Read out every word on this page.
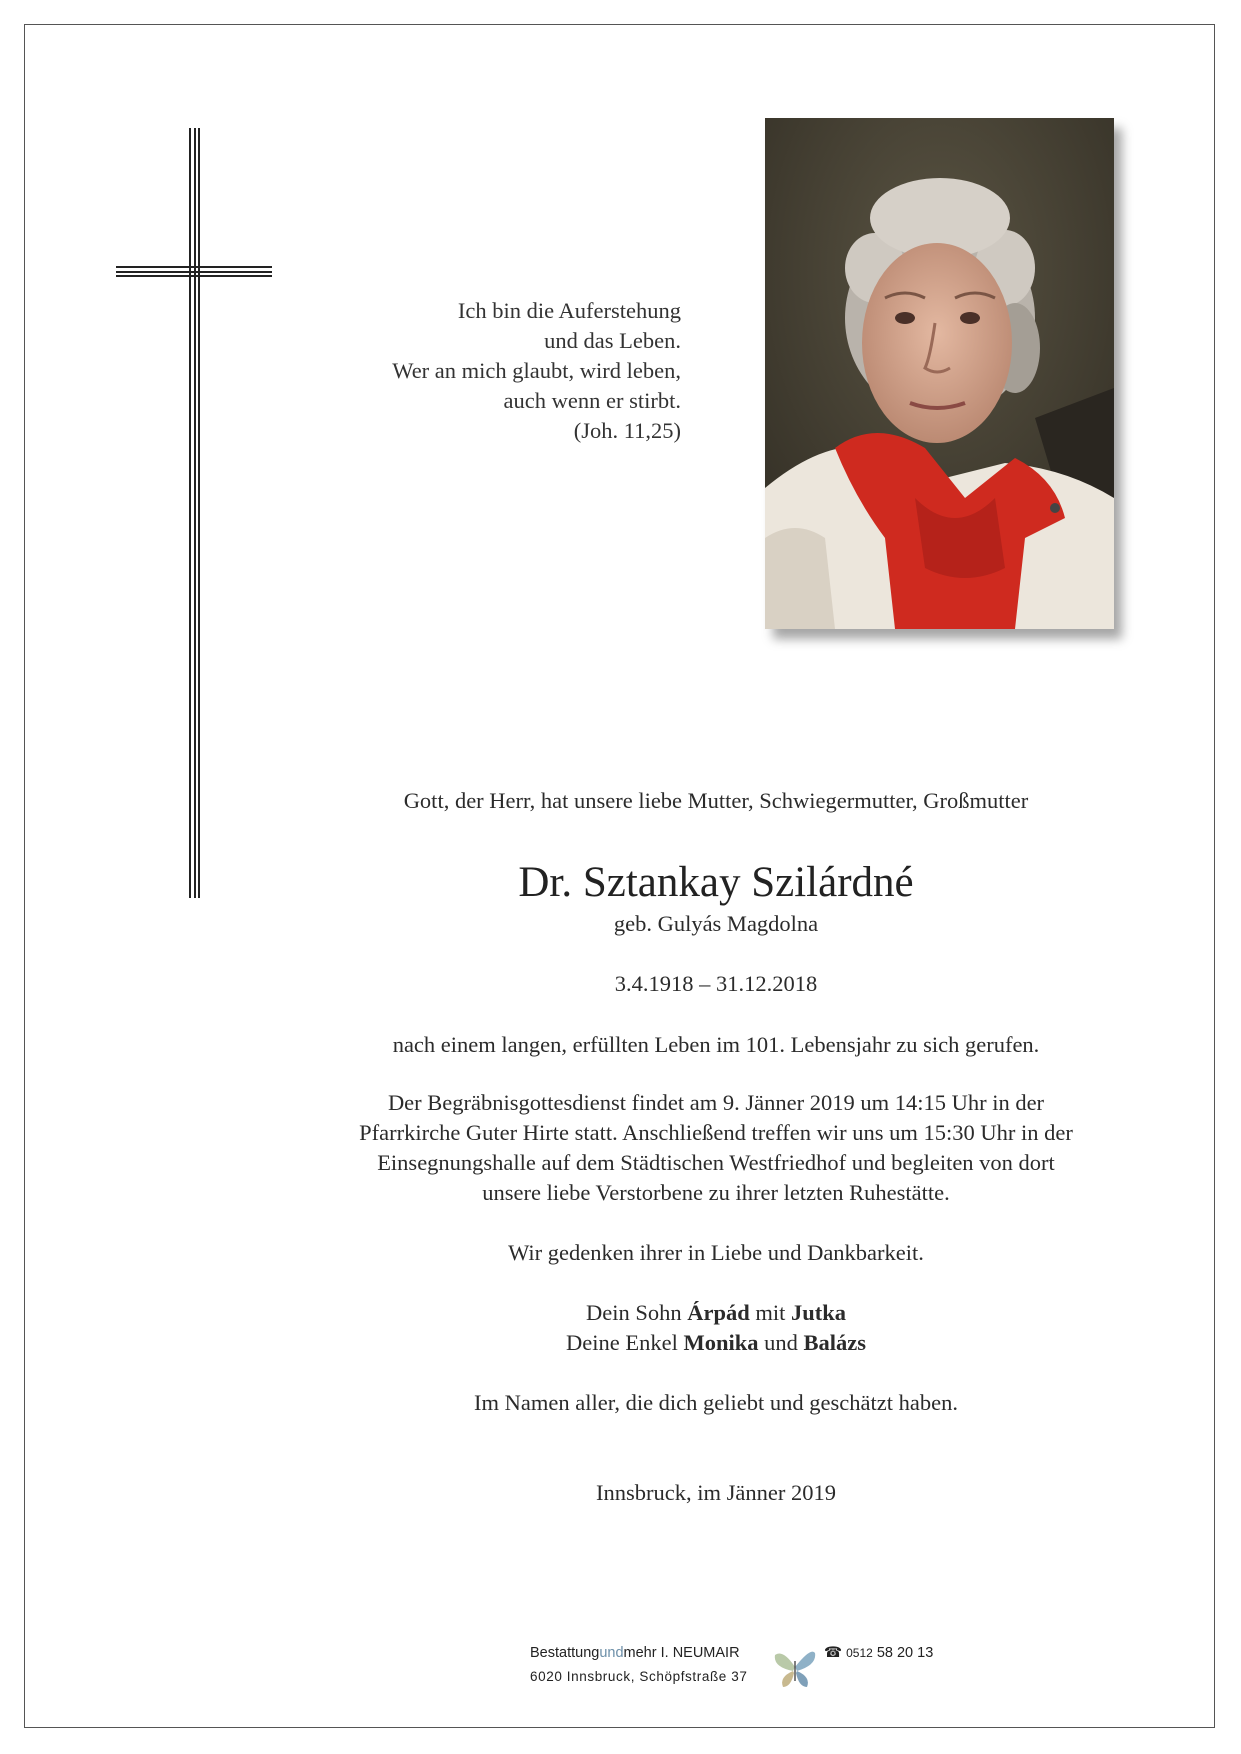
Ich bin die Auferstehung
und das Leben.
Wer an mich glaubt, wird leben,
auch wenn er stirbt.
(Joh. 11,25)
Gott, der Herr, hat unsere liebe Mutter, Schwiegermutter, Großmutter
Dr. Sztankay Szilárdné
geb. Gulyás Magdolna
3.4.1918 – 31.12.2018
nach einem langen, erfüllten Leben im 101. Lebensjahr zu sich gerufen.
Der Begräbnisgottesdienst findet am 9. Jänner 2019 um 14:15 Uhr in der
Pfarrkirche Guter Hirte statt. Anschließend treffen wir uns um 15:30 Uhr in der
Einsegnungshalle auf dem Städtischen Westfriedhof und begleiten von dort
unsere liebe Verstorbene zu ihrer letzten Ruhestätte.
Wir gedenken ihrer in Liebe und Dankbarkeit.
Dein Sohn Árpád mit Jutka
Deine Enkel Monika und Balázs
Im Namen aller, die dich geliebt und geschätzt haben.
Innsbruck, im Jänner 2019
Bestattungundmehr I. NEUMAIR
6020 Innsbruck, Schöpfstraße 37
☎ 0512 58 20 13
